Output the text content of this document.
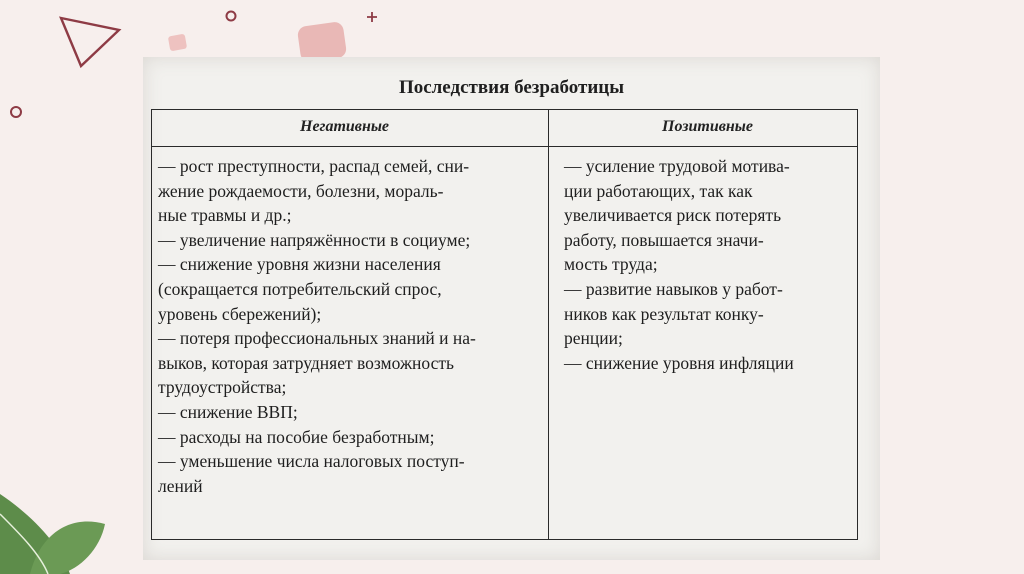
Последствия безработицы
Негативные	Позитивные

— рост преступности, распад семей, сни-
жение рождаемости, болезни, мораль-
ные травмы и др.;

— увеличение напряжённости в социуме;

— снижение уровня жизни населения
(сокращается потребительский спрос,
уровень сбережений);

— потеря профессиональных знаний и на-
выков, которая затрудняет возможность
трудоустройства;

— снижение ВВП;

— расходы на пособие безработным;

— уменьшение числа налоговых поступ-
лений

— усиление трудовой мотива-
ции работающих, так как
увеличивается риск потерять
работу, повышается значи-
мость труда;

— развитие навыков у работ-
ников как результат конку-
ренции;

— снижение уровня инфляции
